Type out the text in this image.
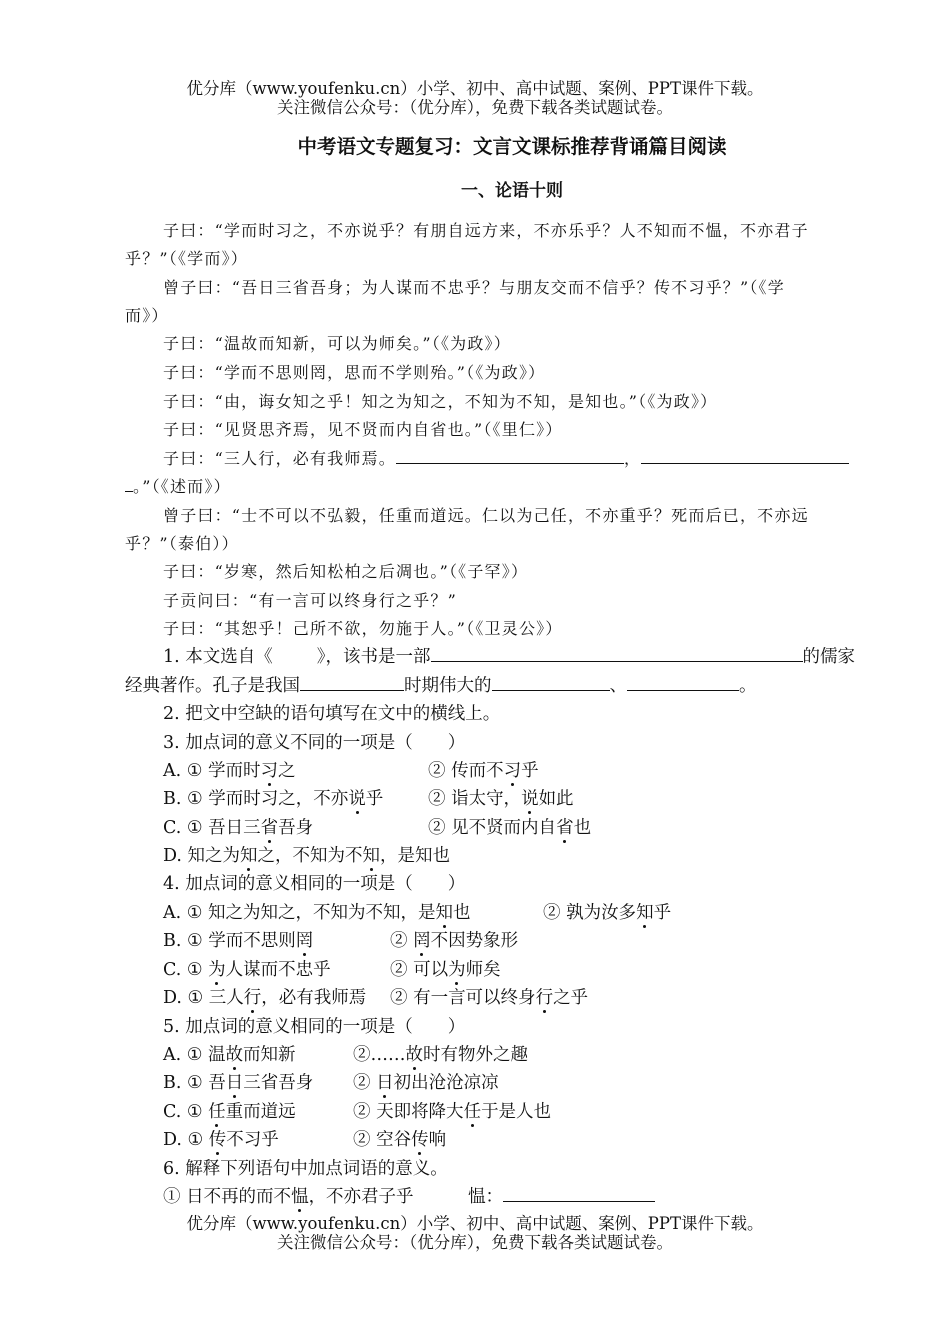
优分库（www.youfenku.cn）小学、初中、高中试题、案例、PPT课件下载。
关注微信公众号：（优分库），免费下载各类试题试卷。
中考语文专题复习：文言文课标推荐背诵篇目阅读
一、论语十则
子曰：“学而时习之，不亦说乎？有朋自远方来，不亦乐乎？人不知而不愠，不亦君子
乎？”（《学而》）
曾子曰：“吾日三省吾身；为人谋而不忠乎？与朋友交而不信乎？传不习乎？”（《学
而》）
子曰：“温故而知新，可以为师矣。”（《为政》）
子曰：“学而不思则罔，思而不学则殆。”（《为政》）
子曰：“由，诲女知之乎！知之为知之，不知为不知，是知也。”（《为政》）
子曰：“见贤思齐焉，见不贤而内自省也。”（《里仁》）
子曰：“三人行，必有我师焉。	，
。”（《述而》）
曾子曰：“士不可以不弘毅，任重而道远。仁以为己任，不亦重乎？死而后已，不亦远
乎？”（泰伯））
子曰：“岁寒，然后知松柏之后凋也。”（《子罕》）
子贡问曰：“有一言可以终身行之乎？”
子曰：“其恕乎！己所不欲，勿施于人。”（《卫灵公》）
1. 本文选自《	》，该书是一部	的儒家
经典著作。孔子是我国	时期伟大的	、	。
2. 把文中空缺的语句填写在文中的横线上。
3. 加点词的意义不同的一项是（　　）
A. ① 学而时习之	② 传而不习乎
B. ① 学而时习之，不亦说乎	② 诣太守，说如此
C. ① 吾日三省吾身	② 见不贤而内自省也
D. 知之为知之，不知为不知，是知也
4. 加点词的意义相同的一项是（　　）
A. ① 知之为知之，不知为不知，是知也	② 孰为汝多知乎
B. ① 学而不思则罔	② 罔不因势象形
C. ① 为人谋而不忠乎	② 可以为师矣
D. ① 三人行，必有我师焉 ② 有一言可以终身行之乎
5. 加点词的意义相同的一项是（　　）
A. ① 温故而知新	②……故时有物外之趣
B. ① 吾日三省吾身 ② 日初出沧沧凉凉
C. ① 任重而道远	② 天即将降大任于是人也
D. ① 传不习乎	② 空谷传响
6. 解释下列语句中加点词语的意义。
① 日不再的而不愠，不亦君子乎	愠：
优分库（www.youfenku.cn）小学、初中、高中试题、案例、PPT课件下载。
关注微信公众号：（优分库），免费下载各类试题试卷。
